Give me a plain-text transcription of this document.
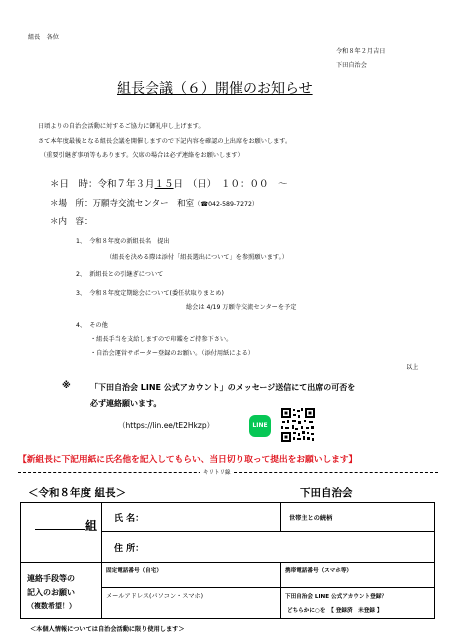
組長　各位
令和８年２月吉日
下田自治会
組長会議（６）開催のお知らせ
日頃よりの自治会活動に対するご協力に御礼申し上げます。
さて本年度最後となる組長会議を開催しますので下記内容を確認の上出席をお願いします。
（重要引継ぎ事項等もあります。欠席の場合は必ず連絡をお願いします）
＊日　時：令和７年３月１５日　（日）　１０：００　～
＊場　所：万願寺交流センター　和室（☎042-589-7272）
＊内　容：
1、　 令和８年度の新組長名　提出
（組長を決める際は添付「組長選出について」を参照願います。）
2、　 新組長との引継ぎについて
3、　 令和８年度定期総会について(委任状取りまとめ)
総会は 4/19 万願寺交流センターを予定
4、　 その他
・組長手当を支給しますので印鑑をご持参下さい。
・自治会運営サポーター登録のお願い。（添付用紙による）
以上
※ 「下田自治会 LINE 公式アカウント」のメッセージ送信にて出席の可否を
必ず連絡願います。
（https://lin.ee/tE2Hkzp）	LINE
【新組長に下記用紙に氏名他を記入してもらい、当日切り取って提出をお願いします】
キリトリ線
＜令和８年度 組長＞	下田自治会
組	氏 名：	世帯主との続柄

	住 所：	

連絡手段等の
記入のお願い
（複数希望！）	固定電話番号（自宅）	携帯電話番号（スマホ等）

	メールアドレス(パソコン・スマホ)	下田自治会 LINE 公式アカウント登録？
どちらかに○を　【 登録済　未登録 】
＜本個人情報については自治会活動に限り使用します＞
